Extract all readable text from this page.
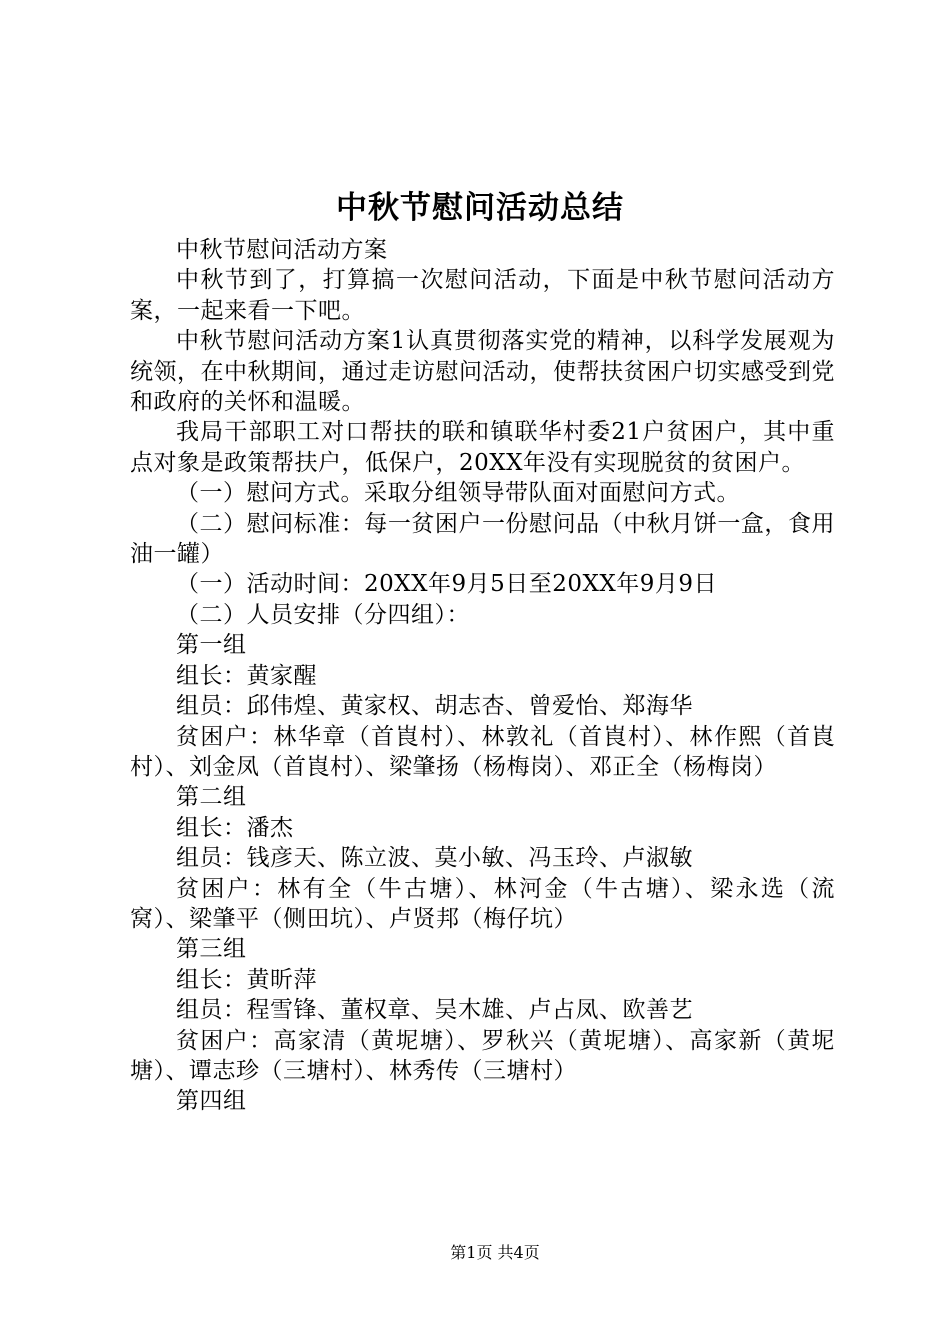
中秋节慰问活动总结

中秋节慰问活动方案

中秋节到了，打算搞一次慰问活动，下面是中秋节慰问活动方案，一起来看一下吧。

中秋节慰问活动方案1认真贯彻落实党的精神，以科学发展观为统领，在中秋期间，通过走访慰问活动，使帮扶贫困户切实感受到党和政府的关怀和温暖。

我局干部职工对口帮扶的联和镇联华村委21户贫困户，其中重点对象是政策帮扶户，低保户，20XX年没有实现脱贫的贫困户。

（一）慰问方式。采取分组领导带队面对面慰问方式。

（二）慰问标准：每一贫困户一份慰问品（中秋月饼一盒，食用油一罐）

（一）活动时间：20XX年9月5日至20XX年9月9日

（二）人员安排（分四组）：

第一组

组长：黄家醒

组员：邱伟煌、黄家权、胡志杏、曾爱怡、郑海华

贫困户：林华章（首崀村）、林敦礼（首崀村）、林作熙（首崀村）、刘金凤（首崀村）、梁肇扬（杨梅岗）、邓正全（杨梅岗）

第二组

组长：潘杰

组员：钱彦天、陈立波、莫小敏、冯玉玲、卢淑敏

贫困户：林有全（牛古塘）、林河金（牛古塘）、梁永选（流窝）、梁肇平（侧田坑）、卢贤邦（梅仔坑）

第三组

组长：黄昕萍

组员：程雪锋、董权章、吴木雄、卢占凤、欧善艺

贫困户：高家清（黄坭塘）、罗秋兴（黄坭塘）、高家新（黄坭塘）、谭志珍（三塘村）、林秀传（三塘村）

第四组

第1页 共4页
